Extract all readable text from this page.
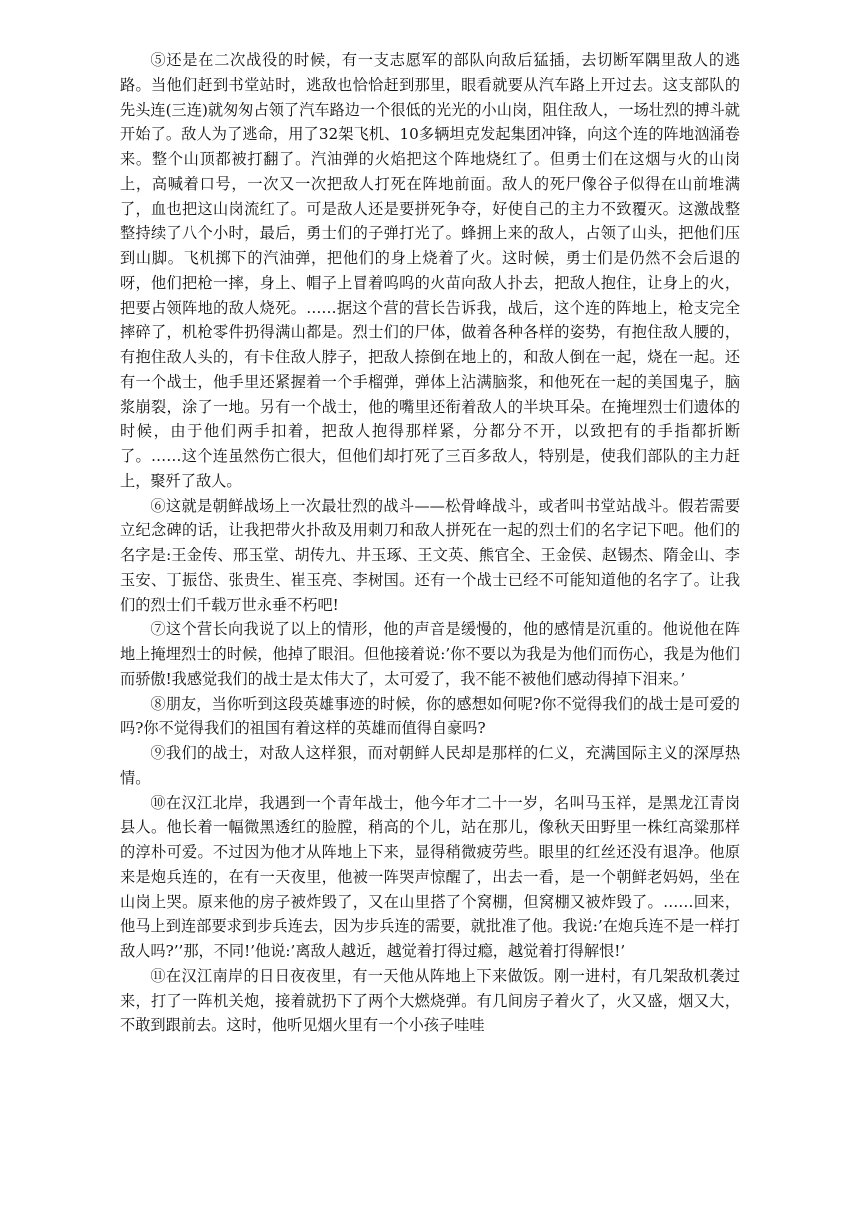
⑤还是在二次战役的时候，有一支志愿军的部队向敌后猛插，去切断军隅里敌人的逃路。当他们赶到书堂站时，逃敌也恰恰赶到那里，眼看就要从汽车路上开过去。这支部队的先头连(三连)就匆匆占领了汽车路边一个很低的光光的小山岗，阻住敌人，一场壮烈的搏斗就开始了。敌人为了逃命，用了32架飞机、10多辆坦克发起集团冲锋，向这个连的阵地汹涌卷来。整个山顶都被打翻了。汽油弹的火焰把这个阵地烧红了。但勇士们在这烟与火的山岗上，高喊着口号，一次又一次把敌人打死在阵地前面。敌人的死尸像谷子似得在山前堆满了，血也把这山岗流红了。可是敌人还是要拼死争夺，好使自己的主力不致覆灭。这激战整整持续了八个小时，最后，勇士们的子弹打光了。蜂拥上来的敌人，占领了山头，把他们压到山脚。飞机掷下的汽油弹，把他们的身上烧着了火。这时候，勇士们是仍然不会后退的呀，他们把枪一摔，身上、帽子上冒着呜呜的火苗向敌人扑去，把敌人抱住，让身上的火，把要占领阵地的敌人烧死。……据这个营的营长告诉我，战后，这个连的阵地上，枪支完全摔碎了，机枪零件扔得满山都是。烈士们的尸体，做着各种各样的姿势，有抱住敌人腰的，有抱住敌人头的，有卡住敌人脖子，把敌人捺倒在地上的，和敌人倒在一起，烧在一起。还有一个战士，他手里还紧握着一个手榴弹，弹体上沾满脑浆，和他死在一起的美国鬼子，脑浆崩裂，涂了一地。另有一个战士，他的嘴里还衔着敌人的半块耳朵。在掩埋烈士们遗体的时候，由于他们两手扣着，把敌人抱得那样紧，分都分不开，以致把有的手指都折断了。……这个连虽然伤亡很大，但他们却打死了三百多敌人，特别是，使我们部队的主力赶上，聚歼了敌人。

⑥这就是朝鲜战场上一次最壮烈的战斗——松骨峰战斗，或者叫书堂站战斗。假若需要立纪念碑的话，让我把带火扑敌及用刺刀和敌人拼死在一起的烈士们的名字记下吧。他们的名字是:王金传、邢玉堂、胡传九、井玉琢、王文英、熊官全、王金侯、赵锡杰、隋金山、李玉安、丁振岱、张贵生、崔玉亮、李树国。还有一个战士已经不可能知道他的名字了。让我们的烈士们千载万世永垂不朽吧!

⑦这个营长向我说了以上的情形，他的声音是缓慢的，他的感情是沉重的。他说他在阵地上掩埋烈士的时候，他掉了眼泪。但他接着说:’你不要以为我是为他们而伤心，我是为他们而骄傲!我感觉我们的战士是太伟大了，太可爱了，我不能不被他们感动得掉下泪来。’

⑧朋友，当你听到这段英雄事迹的时候，你的感想如何呢?你不觉得我们的战士是可爱的吗?你不觉得我们的祖国有着这样的英雄而值得自豪吗?

⑨我们的战士，对敌人这样狠，而对朝鲜人民却是那样的仁义，充满国际主义的深厚热情。

⑩在汉江北岸，我遇到一个青年战士，他今年才二十一岁，名叫马玉祥，是黑龙江青岗县人。他长着一幅微黑透红的脸膛，稍高的个儿，站在那儿，像秋天田野里一株红高粱那样的淳朴可爱。不过因为他才从阵地上下来，显得稍微疲劳些。眼里的红丝还没有退净。他原来是炮兵连的，在有一天夜里，他被一阵哭声惊醒了，出去一看，是一个朝鲜老妈妈，坐在山岗上哭。原来他的房子被炸毁了，又在山里搭了个窝棚，但窝棚又被炸毁了。……回来，他马上到连部要求到步兵连去，因为步兵连的需要，就批准了他。我说:’在炮兵连不是一样打敌人吗?’’那，不同!’他说:’离敌人越近，越觉着打得过瘾，越觉着打得解恨!’

⑪在汉江南岸的日日夜夜里，有一天他从阵地上下来做饭。刚一进村，有几架敌机袭过来，打了一阵机关炮，接着就扔下了两个大燃烧弹。有几间房子着火了，火又盛，烟又大，不敢到跟前去。这时，他听见烟火里有一个小孩子哇哇
